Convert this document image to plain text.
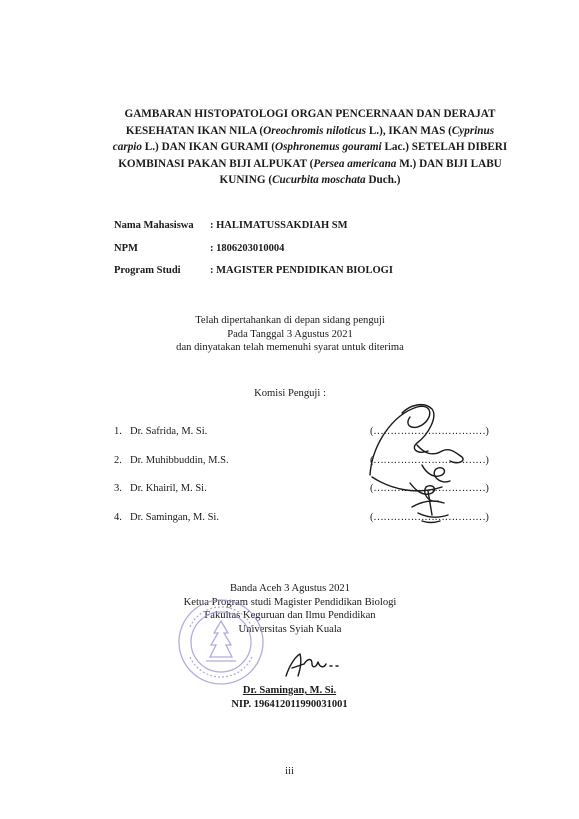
GAMBARAN HISTOPATOLOGI ORGAN PENCERNAAN DAN DERAJAT
KESEHATAN IKAN NILA (Oreochromis niloticus L.), IKAN MAS (Cyprinus
carpio L.) DAN IKAN GURAMI (Osphronemus gourami Lac.) SETELAH DIBERI
KOMBINASI PAKAN BIJI ALPUKAT (Persea americana M.) DAN BIJI LABU
KUNING (Cucurbita moschata Duch.)
Nama Mahasiswa	: HALIMATUSSAKDIAH SM
NPM	: 1806203010004
Program Studi	: MAGISTER PENDIDIKAN BIOLOGI
Telah dipertahankan di depan sidang penguji
Pada Tanggal 3 Agustus 2021
dan dinyatakan telah memenuhi syarat untuk diterima
Komisi Penguji :
1. Dr. Safrida, M. Si.	(……………………………)
2. Dr. Muhibbuddin, M.S.	(……………………………)
3. Dr. Khairil, M. Si.	(……………………………)
4. Dr. Samingan, M. Si.	(……………………………)
Banda Aceh 3 Agustus 2021
Ketua Program studi Magister Pendidikan Biologi
Fakultas Keguruan dan Ilmu Pendidikan
Universitas Syiah Kuala
Dr. Samingan, M. Si.
NIP. 196412011990031001
iii
